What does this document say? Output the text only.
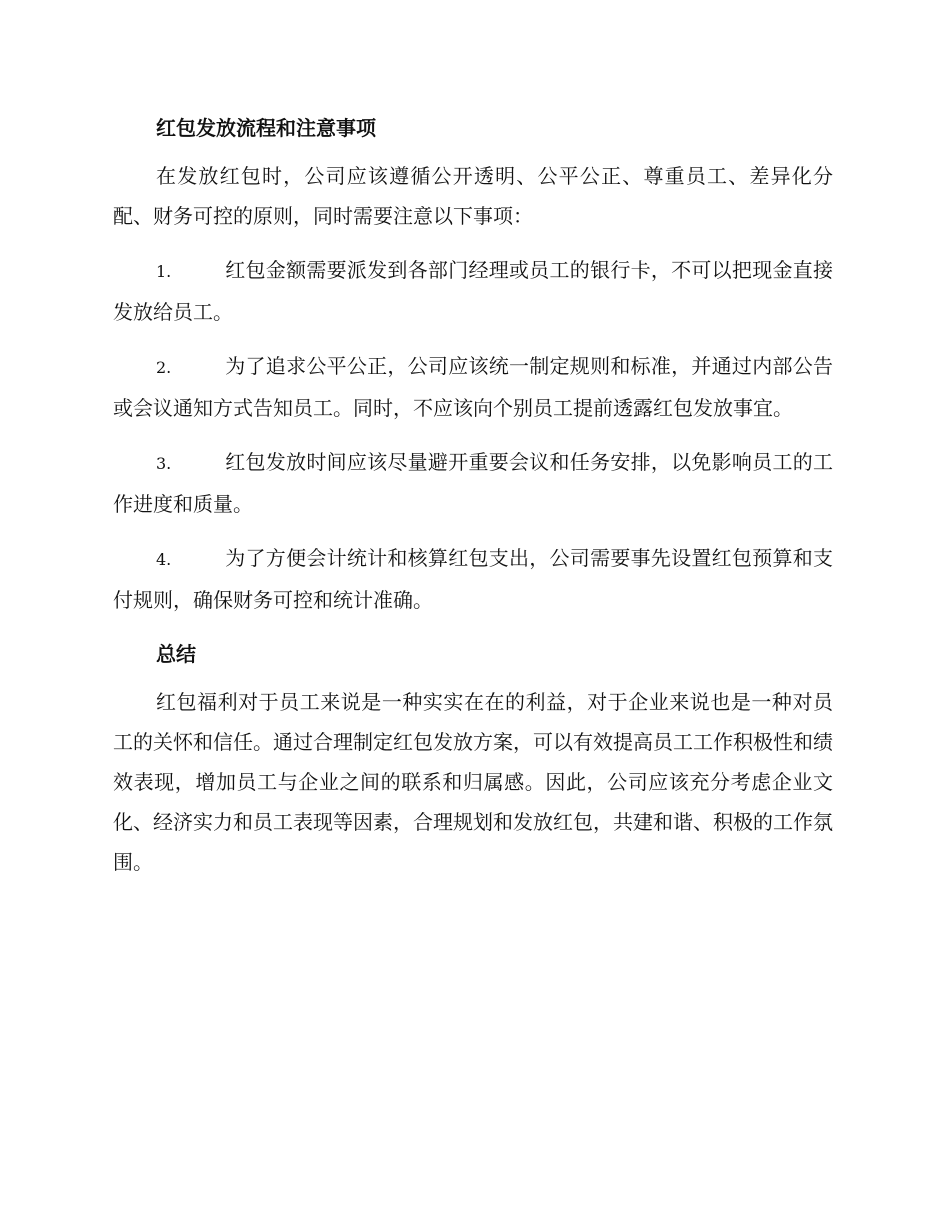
红包发放流程和注意事项

在发放红包时，公司应该遵循公开透明、公平公正、尊重员工、差异化分配、财务可控的原则，同时需要注意以下事项：

1.	红包金额需要派发到各部门经理或员工的银行卡，不可以把现金直接发放给员工。

2.	为了追求公平公正，公司应该统一制定规则和标准，并通过内部公告或会议通知方式告知员工。同时，不应该向个别员工提前透露红包发放事宜。

3.	红包发放时间应该尽量避开重要会议和任务安排，以免影响员工的工作进度和质量。

4.	为了方便会计统计和核算红包支出，公司需要事先设置红包预算和支付规则，确保财务可控和统计准确。

总结

红包福利对于员工来说是一种实实在在的利益，对于企业来说也是一种对员工的关怀和信任。通过合理制定红包发放方案，可以有效提高员工工作积极性和绩效表现，增加员工与企业之间的联系和归属感。因此，公司应该充分考虑企业文化、经济实力和员工表现等因素，合理规划和发放红包，共建和谐、积极的工作氛围。
